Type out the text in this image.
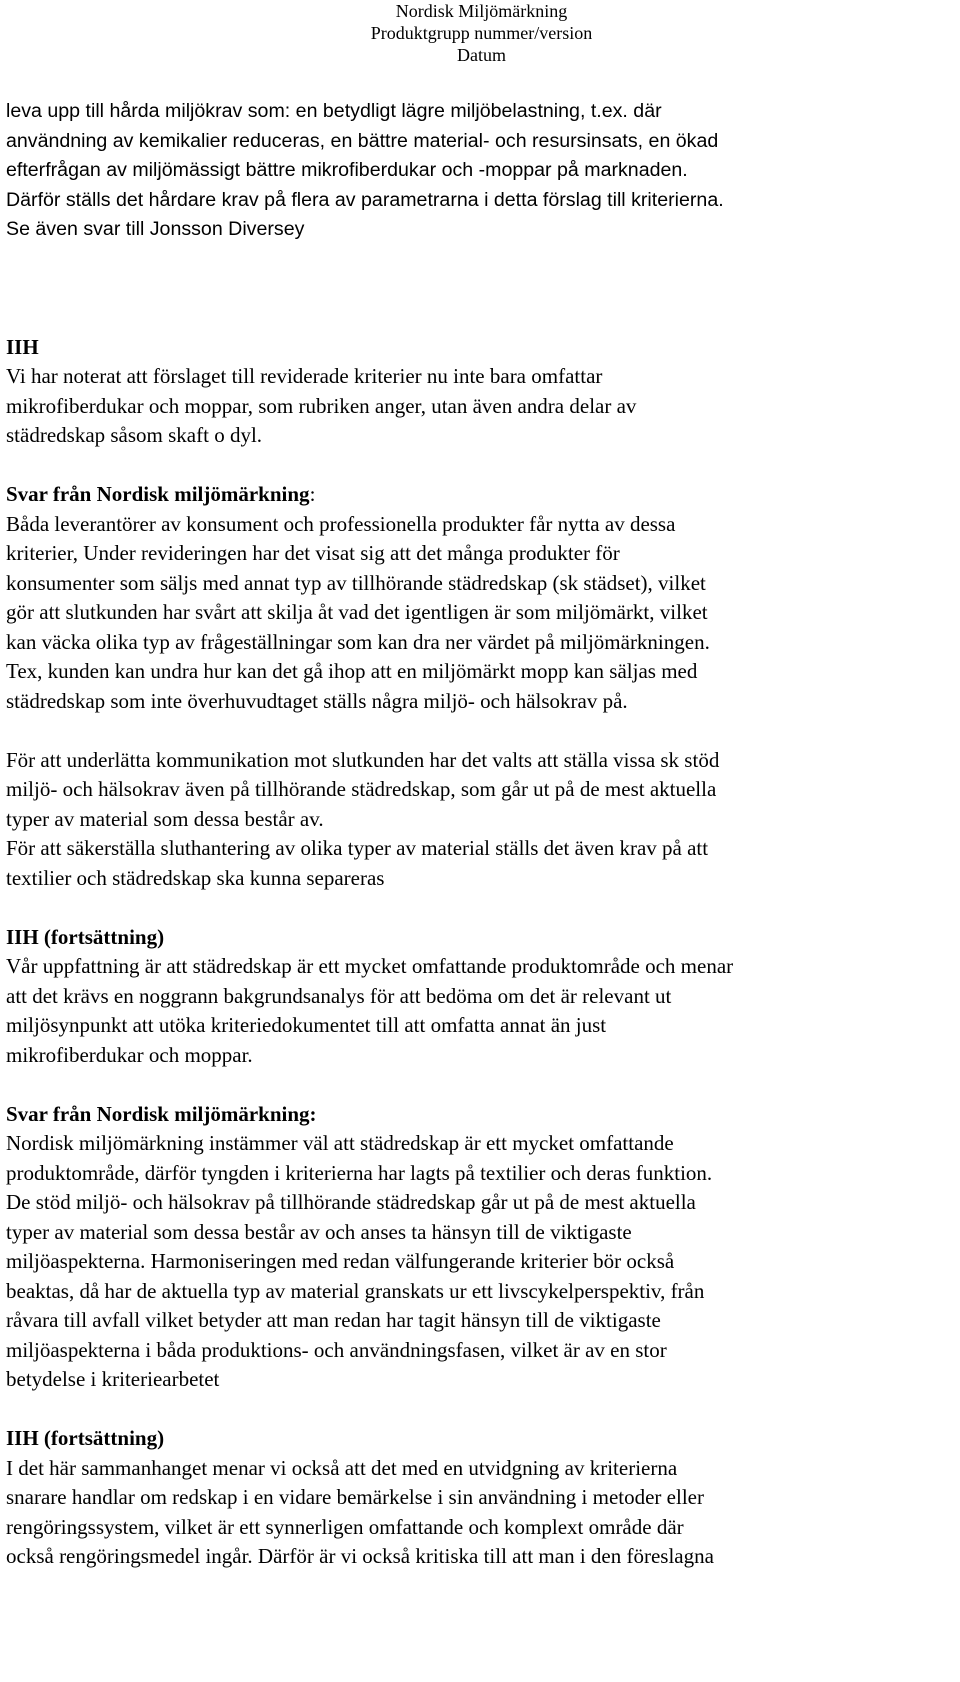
Nordisk Miljömärkning
Produktgrupp nummer/version
Datum
leva upp till hårda miljökrav som: en betydligt lägre miljöbelastning, t.ex. där
användning av kemikalier reduceras, en bättre material- och resursinsats, en ökad
efterfrågan av miljömässigt bättre mikrofiberdukar och -moppar på marknaden.
Därför ställs det hårdare krav på flera av parametrarna i detta förslag till kriterierna.
Se även svar till Jonsson Diversey
IIH
Vi har noterat att förslaget till reviderade kriterier nu inte bara omfattar
mikrofiberdukar och moppar, som rubriken anger, utan även andra delar av
städredskap såsom skaft o dyl.
Svar från Nordisk miljömärkning:
Båda leverantörer av konsument och professionella produkter får nytta av dessa
kriterier, Under revideringen har det visat sig att det många produkter för
konsumenter som säljs med annat typ av tillhörande städredskap (sk städset), vilket
gör att slutkunden har svårt att skilja åt vad det igentligen är som miljömärkt, vilket
kan väcka olika typ av frågeställningar som kan dra ner värdet på miljömärkningen.
Tex, kunden kan undra hur kan det gå ihop att en miljömärkt mopp kan säljas med
städredskap som inte överhuvudtaget ställs några miljö- och hälsokrav på.
För att underlätta kommunikation mot slutkunden har det valts att ställa vissa sk stöd
miljö- och hälsokrav även på tillhörande städredskap, som går ut på de mest aktuella
typer av material som dessa består av.
För att säkerställa sluthantering av olika typer av material ställs det även krav på att
textilier och städredskap ska kunna separeras
IIH (fortsättning)
Vår uppfattning är att städredskap är ett mycket omfattande produktområde och menar
att det krävs en noggrann bakgrundsanalys för att bedöma om det är relevant ut
miljösynpunkt att utöka kriteriedokumentet till att omfatta annat än just
mikrofiberdukar och moppar.
Svar från Nordisk miljömärkning:
Nordisk miljömärkning instämmer väl att städredskap är ett mycket omfattande
produktområde, därför tyngden i kriterierna har lagts på textilier och deras funktion.
De stöd miljö- och hälsokrav på tillhörande städredskap går ut på de mest aktuella
typer av material som dessa består av och anses ta hänsyn till de viktigaste
miljöaspekterna. Harmoniseringen med redan välfungerande kriterier bör också
beaktas, då har de aktuella typ av material granskats ur ett livscykelperspektiv, från
råvara till avfall vilket betyder att man redan har tagit hänsyn till de viktigaste
miljöaspekterna i båda produktions- och användningsfasen, vilket är av en stor
betydelse i kriteriearbetet
IIH (fortsättning)
I det här sammanhanget menar vi också att det med en utvidgning av kriterierna
snarare handlar om redskap i en vidare bemärkelse i sin användning i metoder eller
rengöringssystem, vilket är ett synnerligen omfattande och komplext område där
också rengöringsmedel ingår. Därför är vi också kritiska till att man i den föreslagna
